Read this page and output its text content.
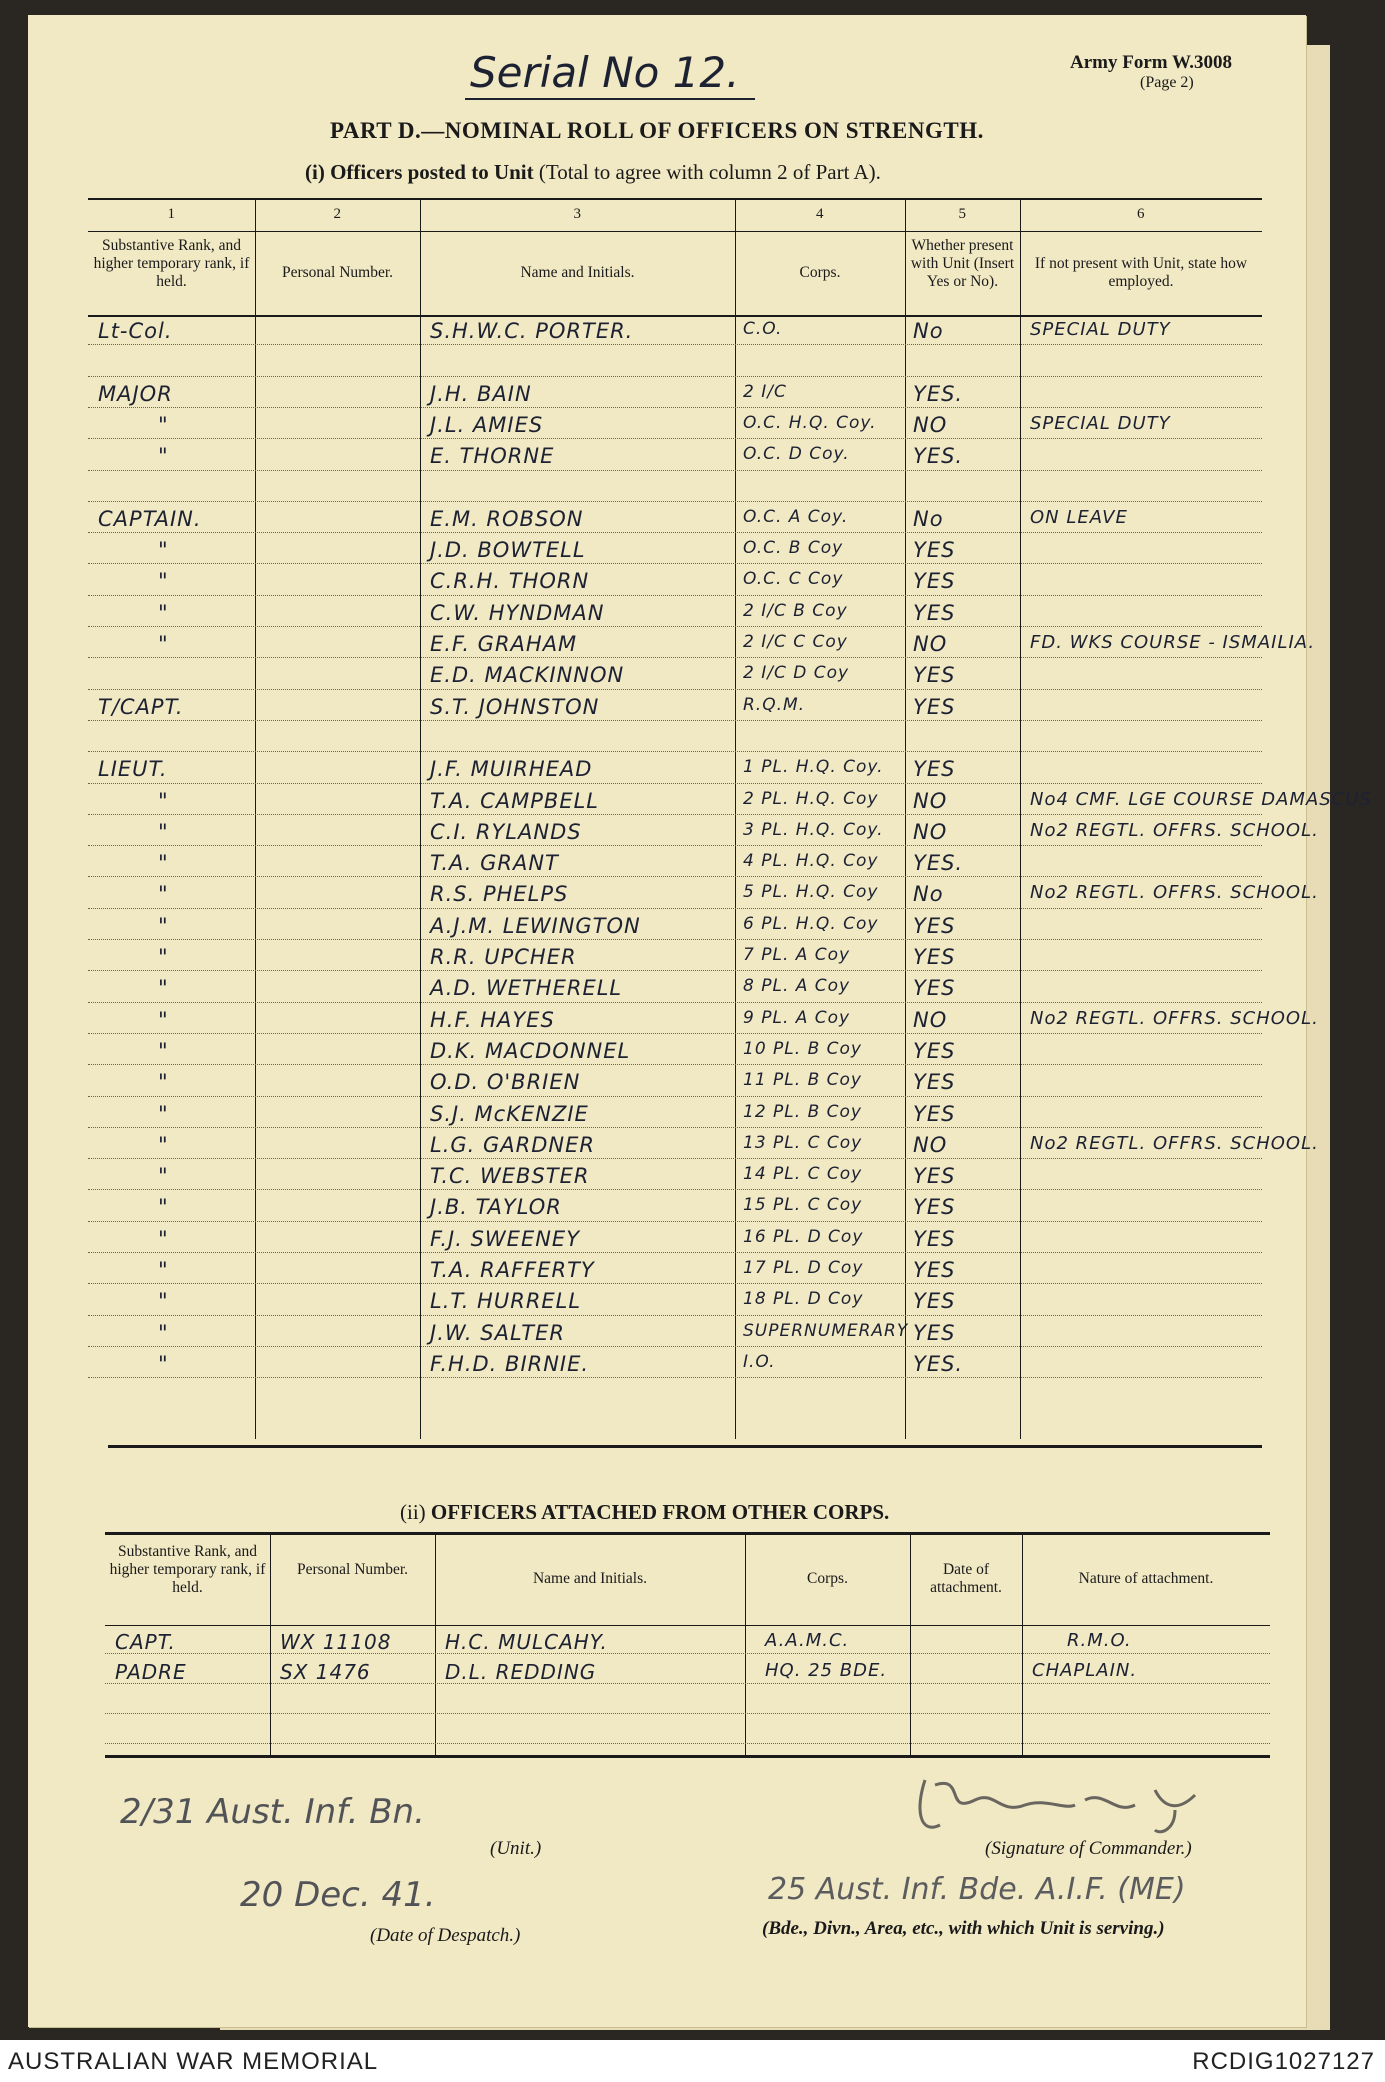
Serial No 12.	Army Form W.3008
(Page 2)
PART D.—NOMINAL ROLL OF OFFICERS ON STRENGTH.
(i) Officers posted to Unit (Total to agree with column 2 of Part A).
1	2	3	4	5	6
Substantive Rank, and higher temporary rank, if held.
Personal Number.	Name and Initials.	Corps.
Whether present with Unit (Insert Yes or No).
If not present with Unit, state how employed.
Lt-Col.	S.H.W.C. PORTER.	C.O.	No	SPECIAL DUTY
MAJOR	J.H. BAIN	2 I/C	YES.
"	J.L. AMIES	O.C. H.Q. Coy. NO	SPECIAL DUTY
"	E. THORNE	O.C. D Coy.	YES.
CAPTAIN.	E.M. ROBSON	O.C. A Coy.	No	ON LEAVE
"	J.D. BOWTELL	O.C. B Coy	YES
"	C.R.H. THORN	O.C. C Coy	YES
"	C.W. HYNDMAN	2 I/C B Coy	YES
"	E.F. GRAHAM	2 I/C C Coy	NO	FD. WKS COURSE - ISMAILIA.
E.D. MACKINNON	2 I/C D Coy	YES
T/CAPT.	S.T. JOHNSTON	R.Q.M.	YES
LIEUT.	J.F. MUIRHEAD	1 PL. H.Q. Coy. YES
"	T.A. CAMPBELL	2 PL. H.Q. Coy NO	No4 CMF. LGE COURSE DAMASCUS
"	C.I. RYLANDS	3 PL. H.Q. Coy. NO	No2 REGTL. OFFRS. SCHOOL.
"	T.A. GRANT	4 PL. H.Q. Coy YES.
"	R.S. PHELPS	5 PL. H.Q. Coy No	No2 REGTL. OFFRS. SCHOOL.
"	A.J.M. LEWINGTON	6 PL. H.Q. Coy YES
"	R.R. UPCHER	7 PL. A Coy	YES
"	A.D. WETHERELL	8 PL. A Coy	YES
"	H.F. HAYES	9 PL. A Coy	NO	No2 REGTL. OFFRS. SCHOOL.
"	D.K. MACDONNEL	10 PL. B Coy YES
"	O.D. O'BRIEN	11 PL. B Coy YES
"	S.J. McKENZIE	12 PL. B Coy YES
"	L.G. GARDNER	13 PL. C Coy NO	No2 REGTL. OFFRS. SCHOOL.
"	T.C. WEBSTER	14 PL. C Coy YES
"	J.B. TAYLOR	15 PL. C Coy YES
"	F.J. SWEENEY	16 PL. D Coy YES
"	T.A. RAFFERTY	17 PL. D Coy YES
"	L.T. HURRELL	18 PL. D Coy YES
"	J.W. SALTER	SUPERNUMERARY YES
"	F.H.D. BIRNIE.	I.O.	YES.
(ii) OFFICERS ATTACHED FROM OTHER CORPS.
Substantive Rank, and higher temporary rank, if held.
Personal Number.
Name and Initials.	Corps.
Date of attachment.
Nature of attachment.
CAPT.	WX 11108	H.C. MULCAHY.	A.A.M.C.	R.M.O.
PADRE	SX 1476	D.L. REDDING	HQ. 25 BDE.	CHAPLAIN.
2/31 Aust. Inf. Bn.
(Unit.)
20 Dec. 41.
(Date of Despatch.)
(Signature of Commander.)
25 Aust. Inf. Bde. A.I.F. (ME)
(Bde., Divn., Area, etc., with which Unit is serving.)
AUSTRALIAN WAR MEMORIAL	RCDIG1027127
